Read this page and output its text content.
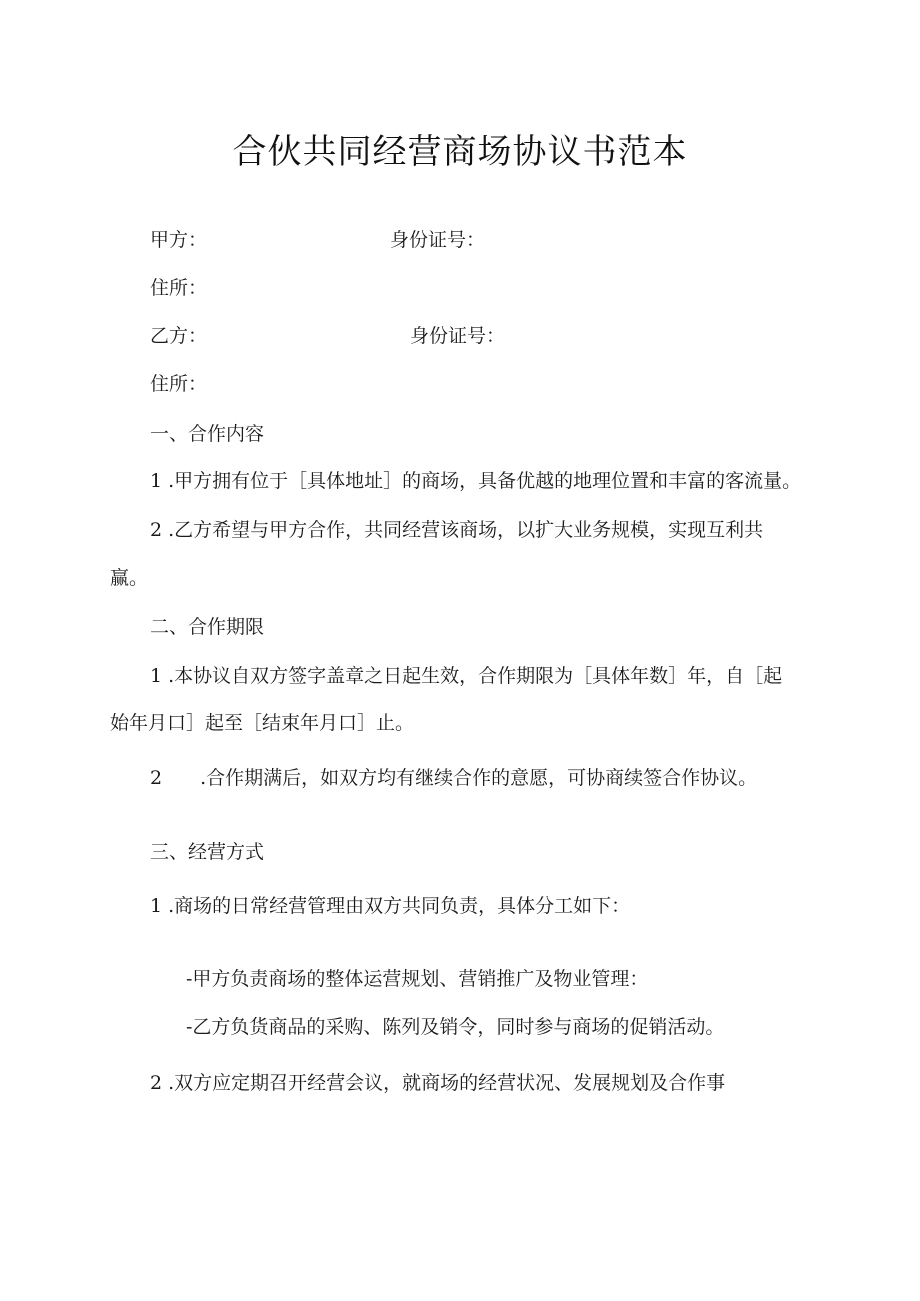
合伙共同经营商场协议书范本

甲方：	身份证号：

住所：

乙方：	身份证号：

住所：

一、合作内容

1 .甲方拥有位于［具体地址］的商场，具备优越的地理位置和丰富的客流量。

2 .乙方希望与甲方合作，共同经营该商场，以扩大业务规模，实现互利共

赢。

二、合作期限

1 .本协议自双方签字盖章之日起生效，合作期限为［具体年数］年，自［起

始年月口］起至［结束年月口］止。

2　　.合作期满后，如双方均有继续合作的意愿，可协商续签合作协议。

三、经营方式

1 .商场的日常经营管理由双方共同负责，具体分工如下：

-甲方负责商场的整体运营规划、营销推广及物业管理：

-乙方负货商品的采购、陈列及销令，同时参与商场的促销活动。

2 .双方应定期召开经营会议，就商场的经营状况、发展规划及合作事
